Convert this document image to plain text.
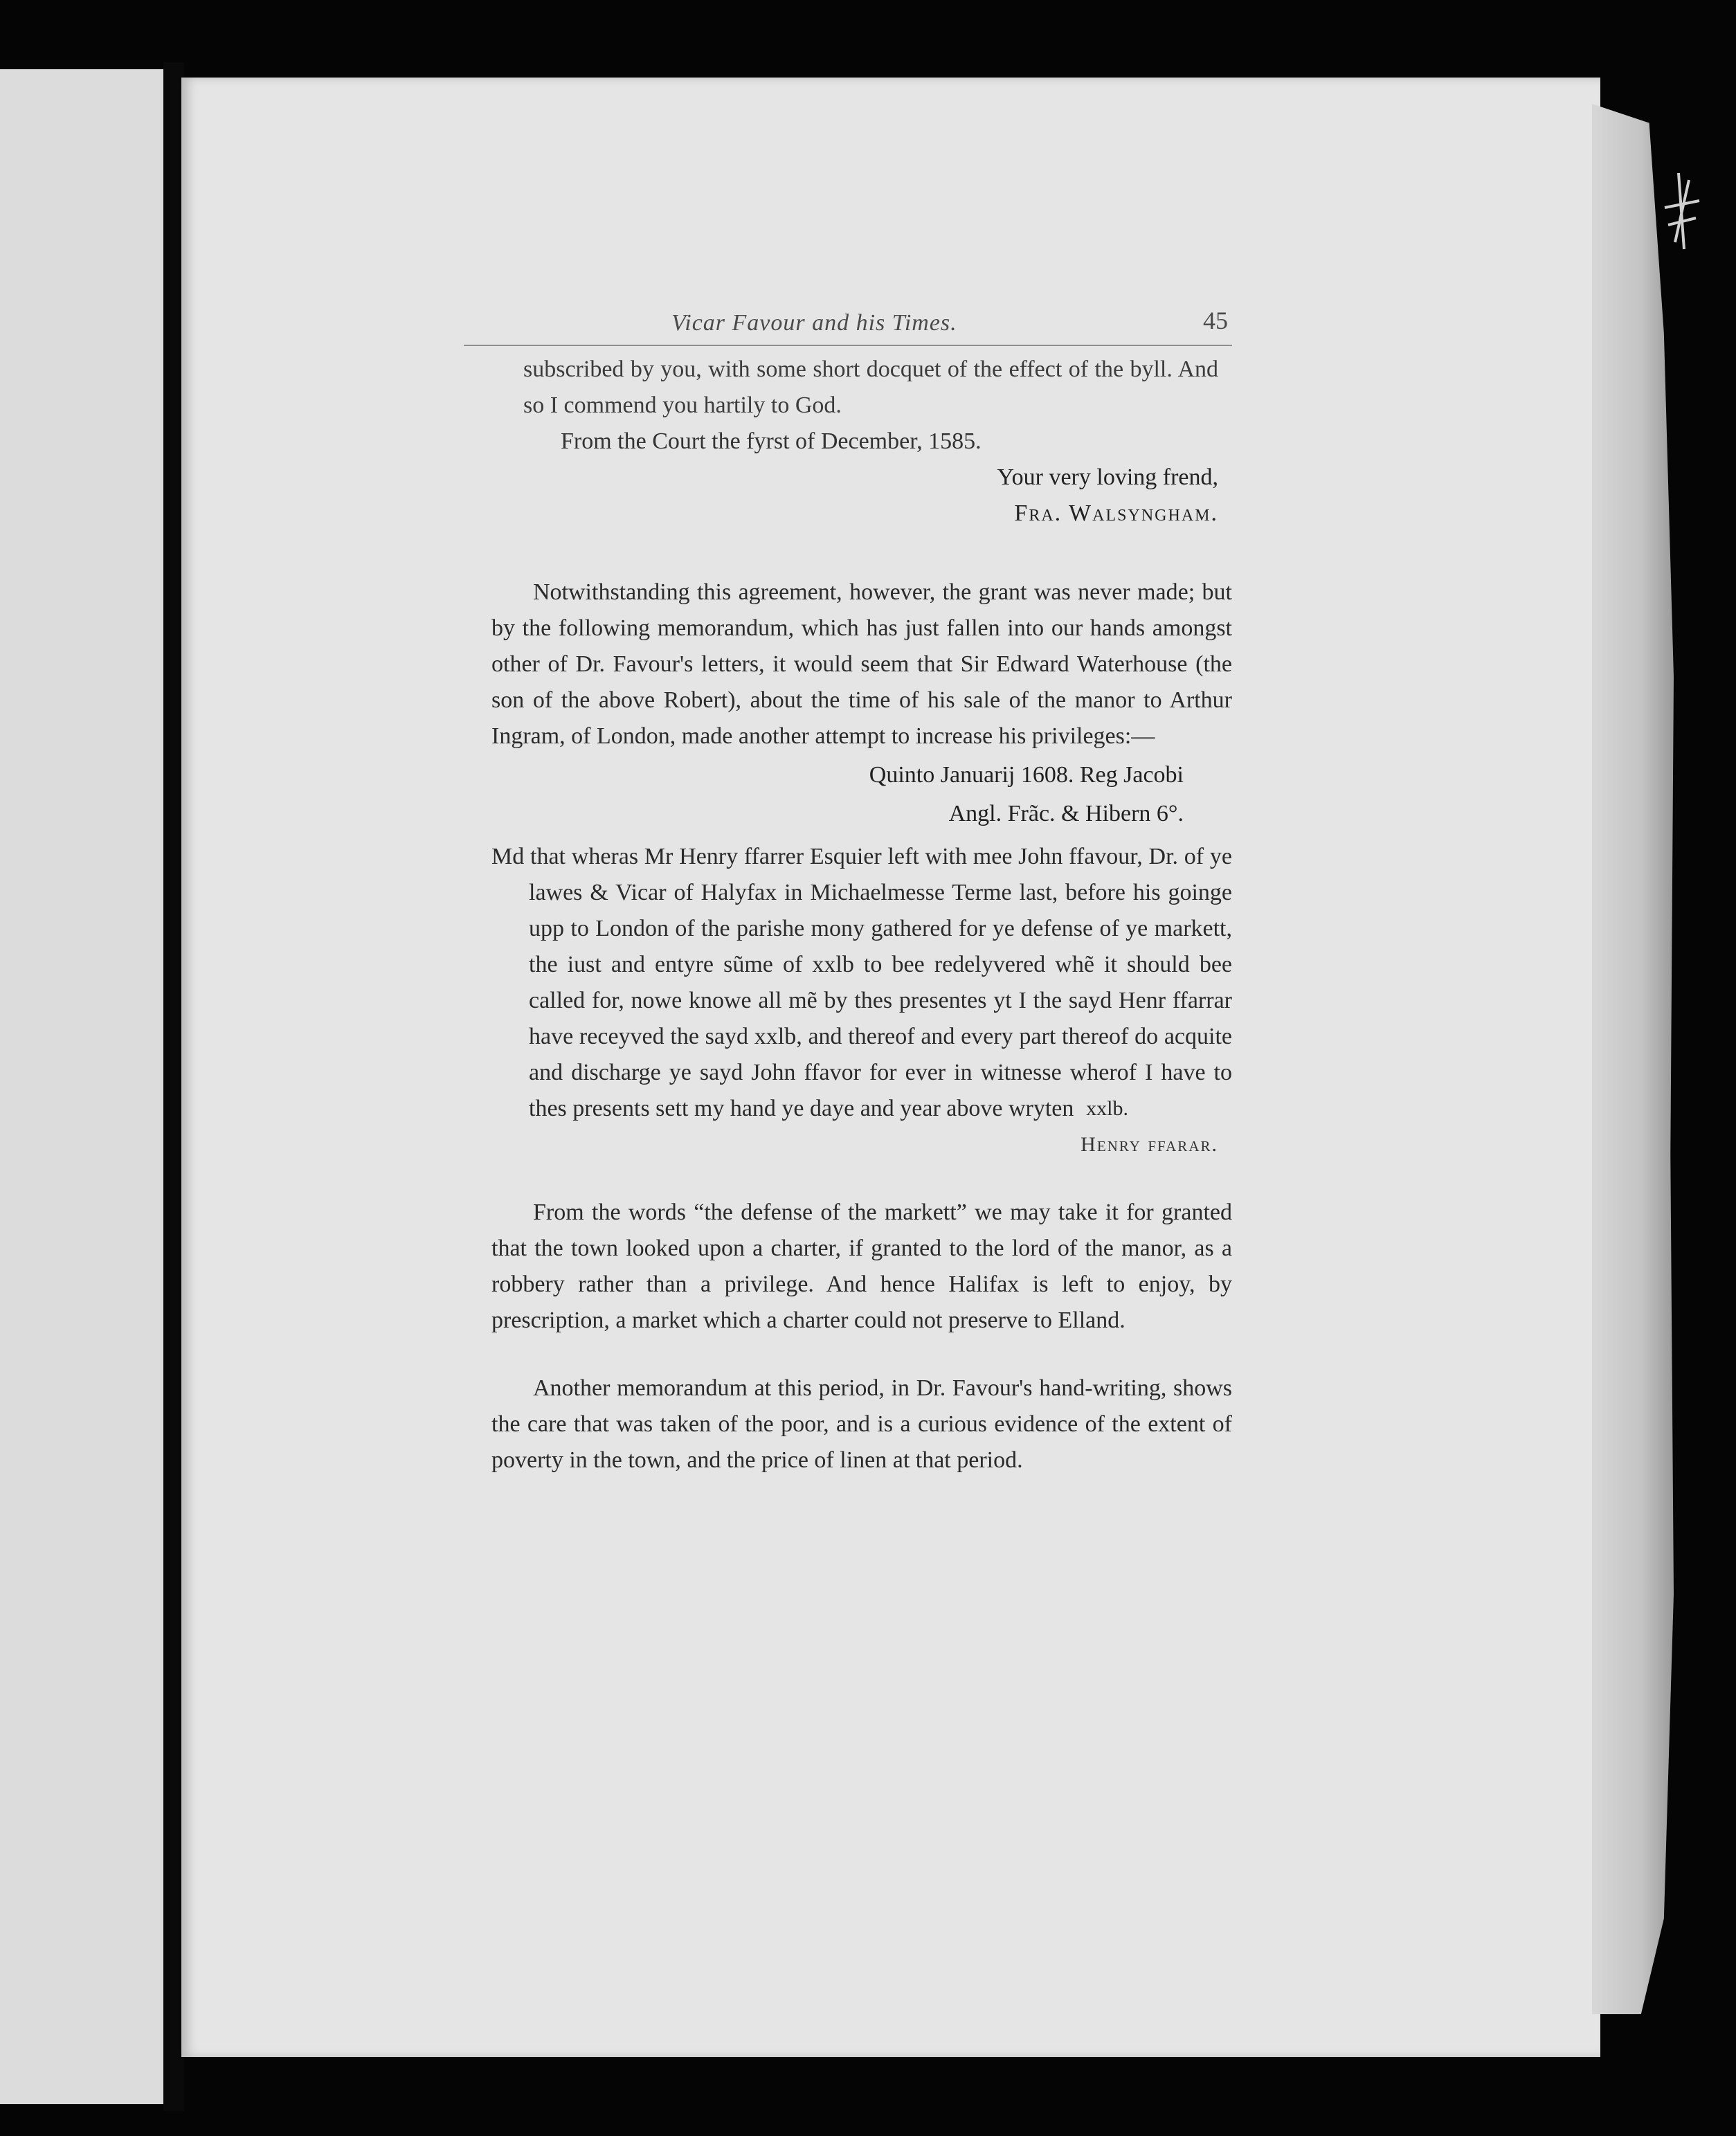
Vicar Favour and his Times.	45

subscribed by you, with some short docquet of the effect of the byll. And so I commend you hartily to God.

From the Court the fyrst of December, 1585.

Your very loving frend,

Fra. Walsyngham.

Notwithstanding this agreement, however, the grant was never made; but by the following memorandum, which has just fallen into our hands amongst other of Dr. Favour's letters, it would seem that Sir Edward Waterhouse (the son of the above Robert), about the time of his sale of the manor to Arthur Ingram, of London, made another attempt to increase his privileges:—

Quinto Januarij 1608. Reg Jacobi

Angl. Frãc. & Hibern 6°.

Md that wheras Mr Henry ffarrer Esquier left with mee John ffavour, Dr. of ye lawes & Vicar of Halyfax in Michaelmesse Terme last, before his goinge upp to London of the parishe mony gathered for ye defense of ye markett, the iust and entyre sũme of xxlb to bee redelyvered whẽ it should bee called for, nowe knowe all mẽ by thes presentes yt I the sayd Henr ffarrar have receyved the sayd xxlb, and thereof and every part thereof do acquite and discharge ye sayd John ffavor for ever in witnesse wherof I have to thes presents sett my hand ye daye and year above wryten xxlb.

Henry ffarar.

From the words “the defense of the markett” we may take it for granted that the town looked upon a charter, if granted to the lord of the manor, as a robbery rather than a privilege. And hence Halifax is left to enjoy, by prescription, a market which a charter could not preserve to Elland.

Another memorandum at this period, in Dr. Favour's hand-writing, shows the care that was taken of the poor, and is a curious evidence of the extent of poverty in the town, and the price of linen at that period.
